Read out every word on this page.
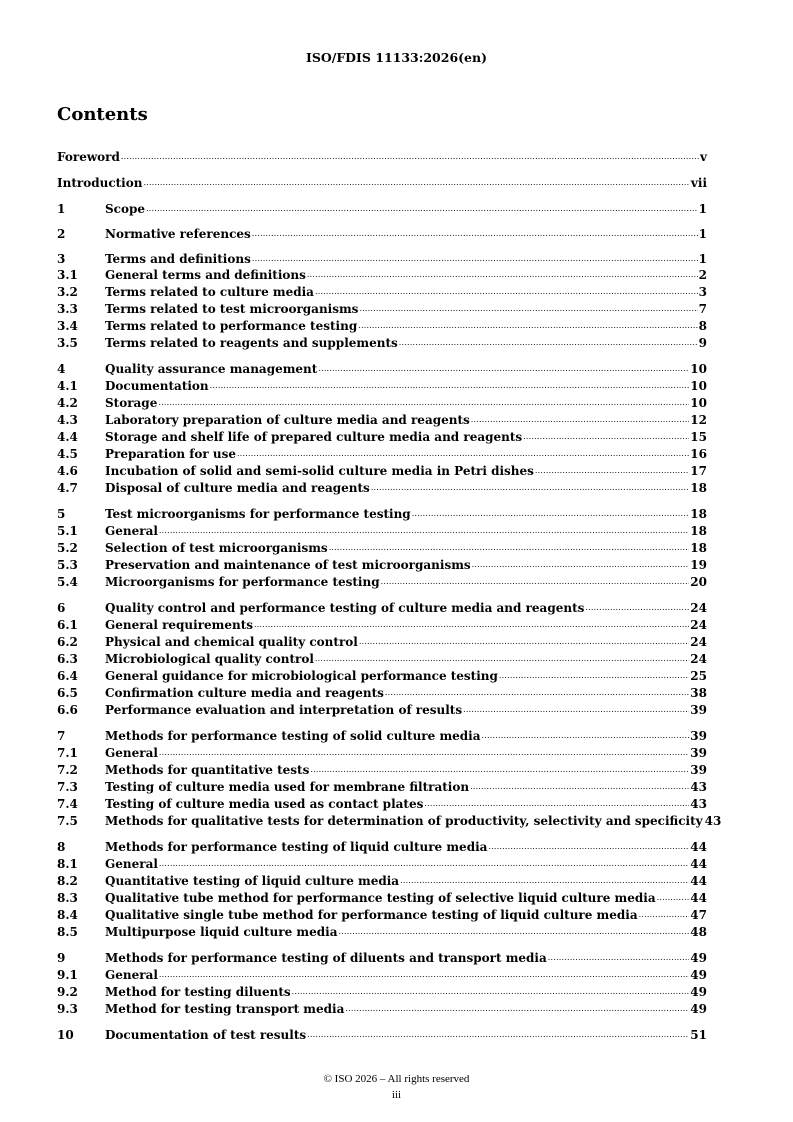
ISO/FDIS 11133:2026(en)
Contents
Foreword .....	v
Introduction .....	vii
1	Scope .....	1
2	Normative references .....	1
3	Terms and definitions .....	1
3.1	General terms and definitions .....	2
3.2	Terms related to culture media .....	3
3.3	Terms related to test microorganisms .....	7
3.4	Terms related to performance testing .....	8
3.5	Terms related to reagents and supplements .....	9
4	Quality assurance management .....	10
4.1	Documentation .....	10
4.2	Storage .....	10
4.3	Laboratory preparation of culture media and reagents .....	12
4.4	Storage and shelf life of prepared culture media and reagents .....	15
4.5	Preparation for use .....	16
4.6	Incubation of solid and semi-solid culture media in Petri dishes .....	17
4.7	Disposal of culture media and reagents .....	18
5	Test microorganisms for performance testing .....	18
5.1	General .....	18
5.2	Selection of test microorganisms .....	18
5.3	Preservation and maintenance of test microorganisms .....	19
5.4	Microorganisms for performance testing .....	20
6	Quality control and performance testing of culture media and reagents .....	24
6.1	General requirements .....	24
6.2	Physical and chemical quality control .....	24
6.3	Microbiological quality control .....	24
6.4	General guidance for microbiological performance testing .....	25
6.5	Confirmation culture media and reagents .....	38
6.6	Performance evaluation and interpretation of results .....	39
7	Methods for performance testing of solid culture media .....	39
7.1	General .....	39
7.2	Methods for quantitative tests .....	39
7.3	Testing of culture media used for membrane filtration .....	43
7.4	Testing of culture media used as contact plates .....	43
7.5	Methods for qualitative tests for determination of productivity, selectivity and specificity 43
8	Methods for performance testing of liquid culture media .....	44
8.1	General .....	44
8.2	Quantitative testing of liquid culture media .....	44
8.3	Qualitative tube method for performance testing of selective liquid culture media .....	44
8.4	Qualitative single tube method for performance testing of liquid culture media .....	47
8.5	Multipurpose liquid culture media .....	48
9	Methods for performance testing of diluents and transport media .....	49
9.1	General .....	49
9.2	Method for testing diluents .....	49
9.3	Method for testing transport media .....	49
10	Documentation of test results .....	51
© ISO 2026 – All rights reserved
iii
